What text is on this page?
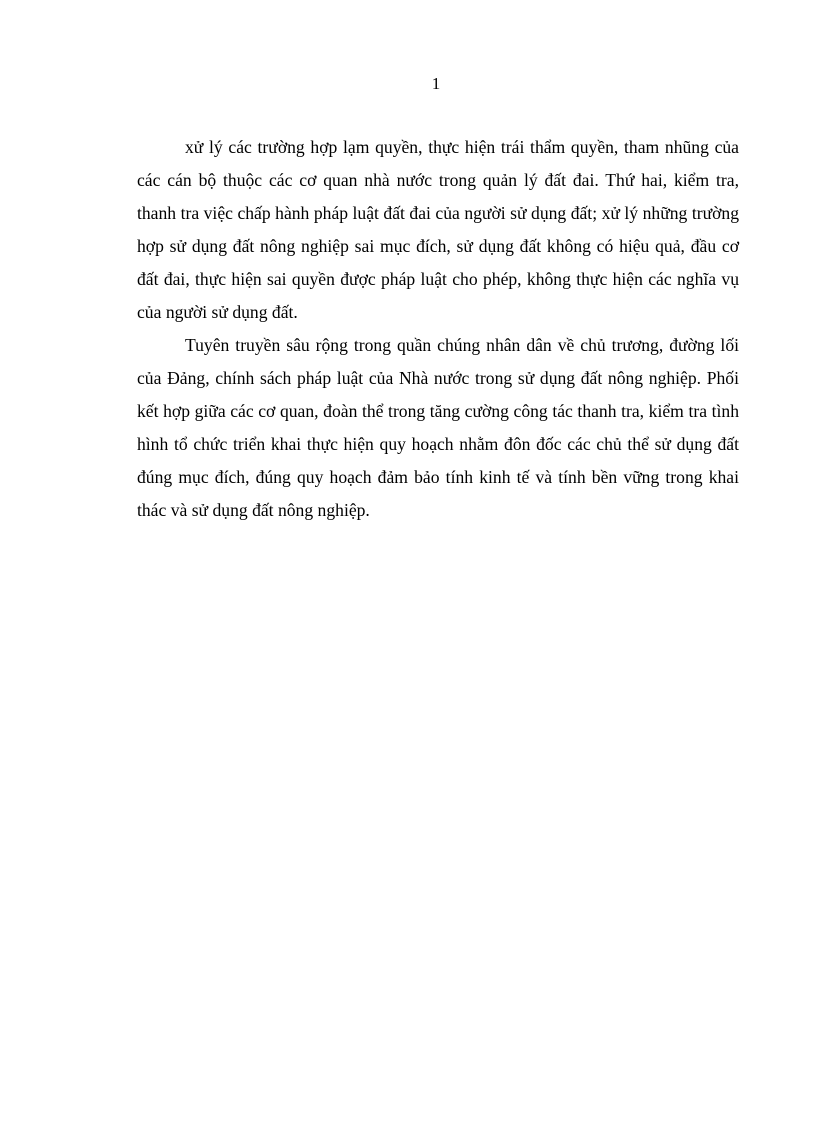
1

xử lý các trường hợp lạm quyền, thực hiện trái thẩm quyền, tham nhũng của các cán bộ thuộc các cơ quan nhà nước trong quản lý đất đai. Thứ hai, kiểm tra, thanh tra việc chấp hành pháp luật đất đai của người sử dụng đất; xử lý những trường hợp sử dụng đất nông nghiệp sai mục đích, sử dụng đất không có hiệu quả, đầu cơ đất đai, thực hiện sai quyền được pháp luật cho phép, không thực hiện các nghĩa vụ của người sử dụng đất.

Tuyên truyền sâu rộng trong quần chúng nhân dân về chủ trương, đường lối của Đảng, chính sách pháp luật của Nhà nước trong sử dụng đất nông nghiệp. Phối kết hợp giữa các cơ quan, đoàn thể trong tăng cường công tác thanh tra, kiểm tra tình hình tổ chức triển khai thực hiện quy hoạch nhằm đôn đốc các chủ thể sử dụng đất đúng mục đích, đúng quy hoạch đảm bảo tính kinh tế và tính bền vững trong khai thác và sử dụng đất nông nghiệp.
